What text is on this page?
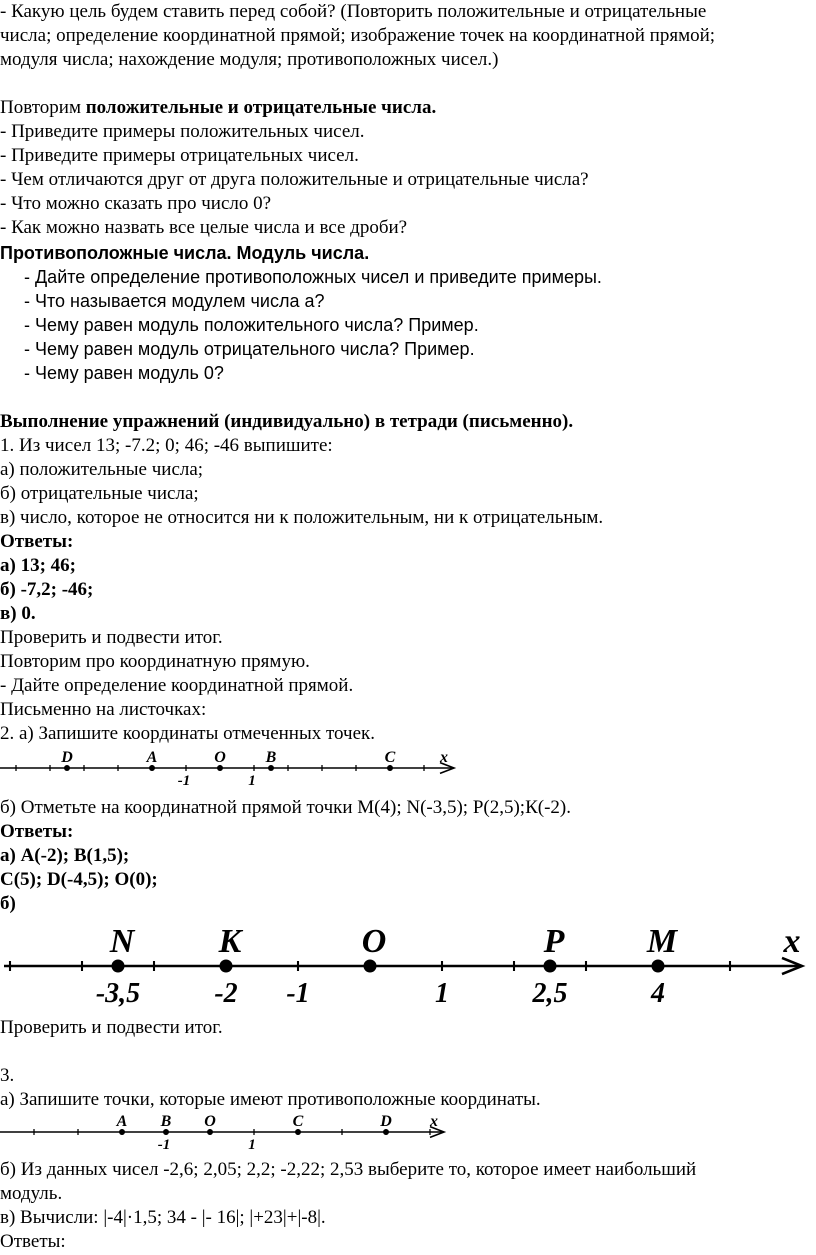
- Какую цель будем ставить перед собой? (Повторить положительные и отрицательные
числа; определение координатной прямой; изображение точек на координатной прямой;
модуля числа; нахождение модуля; противоположных чисел.)
Повторим положительные и отрицательные числа.
- Приведите примеры положительных чисел.
- Приведите примеры отрицательных чисел.
- Чем отличаются друг от друга положительные и отрицательные числа?
- Что можно сказать про число 0?
- Как можно назвать все целые числа и все дроби?
Противоположные числа. Модуль числа.
- Дайте определение противоположных чисел и приведите примеры.
- Что называется модулем числа а?
- Чему равен модуль положительного числа? Пример.
- Чему равен модуль отрицательного числа? Пример.
- Чему равен модуль 0?
Выполнение упражнений (индивидуально) в тетради (письменно).
1. Из чисел 13; -7.2; 0; 46; -46 выпишите:
а) положительные числа;
б) отрицательные числа;
в) число, которое не относится ни к положительным, ни к отрицательным.
Ответы:
а) 13; 46;
б) -7,2; -46;
в) 0.
Проверить и подвести итог.
Повторим про координатную прямую.
- Дайте определение координатной прямой.
Письменно на листочках:
2. а) Запишите координаты отмеченных точек.
D	A	O B	C
-1	1
x
б) Отметьте на координатной прямой точки М(4); N(-3,5); P(2,5);К(-2).
Ответы:
а) А(-2); В(1,5);
С(5); D(-4,5); О(0);
б)
N K	O	P M
-3,5	-2 -1	1	2,5	4
x
Проверить и подвести итог.
3.
а) Запишите точки, которые имеют противоположные координаты.
A B O	C	D
-1	1
x
б) Из данных чисел -2,6; 2,05; 2,2; -2,22; 2,53 выберите то, которое имеет наибольший
модуль.
в) Вычисли: |-4|·1,5; 34 - |- 16|; |+23|+|-8|.
Ответы:
